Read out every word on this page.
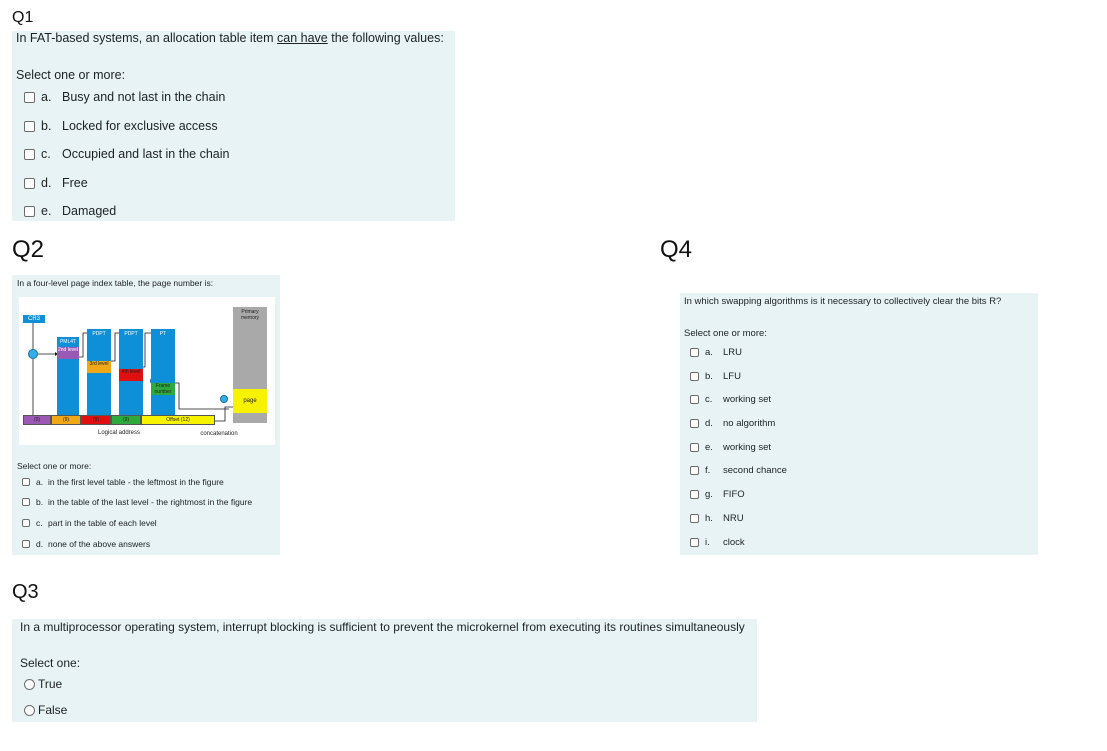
Q1
In FAT-based systems, an allocation table item can have the following values:
Select one or more:
a. Busy and not last in the chain
b. Locked for exclusive access
c. Occupied and last in the chain
d. Free
e. Damaged
Q2
In a four-level page index table, the page number is:
CR3
PML4T
2nd level
PDPT
3rd level
PDPT
4th level
PT
Frame number
Primary memory
page
(9)	(9)	(9)	(9)	Offset (12)
Logical address	concatenation
Select one or more:
a. in the first level table - the leftmost in the figure
b. in the table of the last level - the rightmost in the figure
c. part in the table of each level
d. none of the above answers
Q4
In which swapping algorithms is it necessary to collectively clear the bits R?
Select one or more:
a.	LRU
b.	LFU
c.	working set
d.	no algorithm
e.	working set
f.	second chance
g.	FIFO
h.	NRU
i.	clock
Q3
In a multiprocessor operating system, interrupt blocking is sufficient to prevent the microkernel from executing its routines simultaneously
Select one:
True
False
